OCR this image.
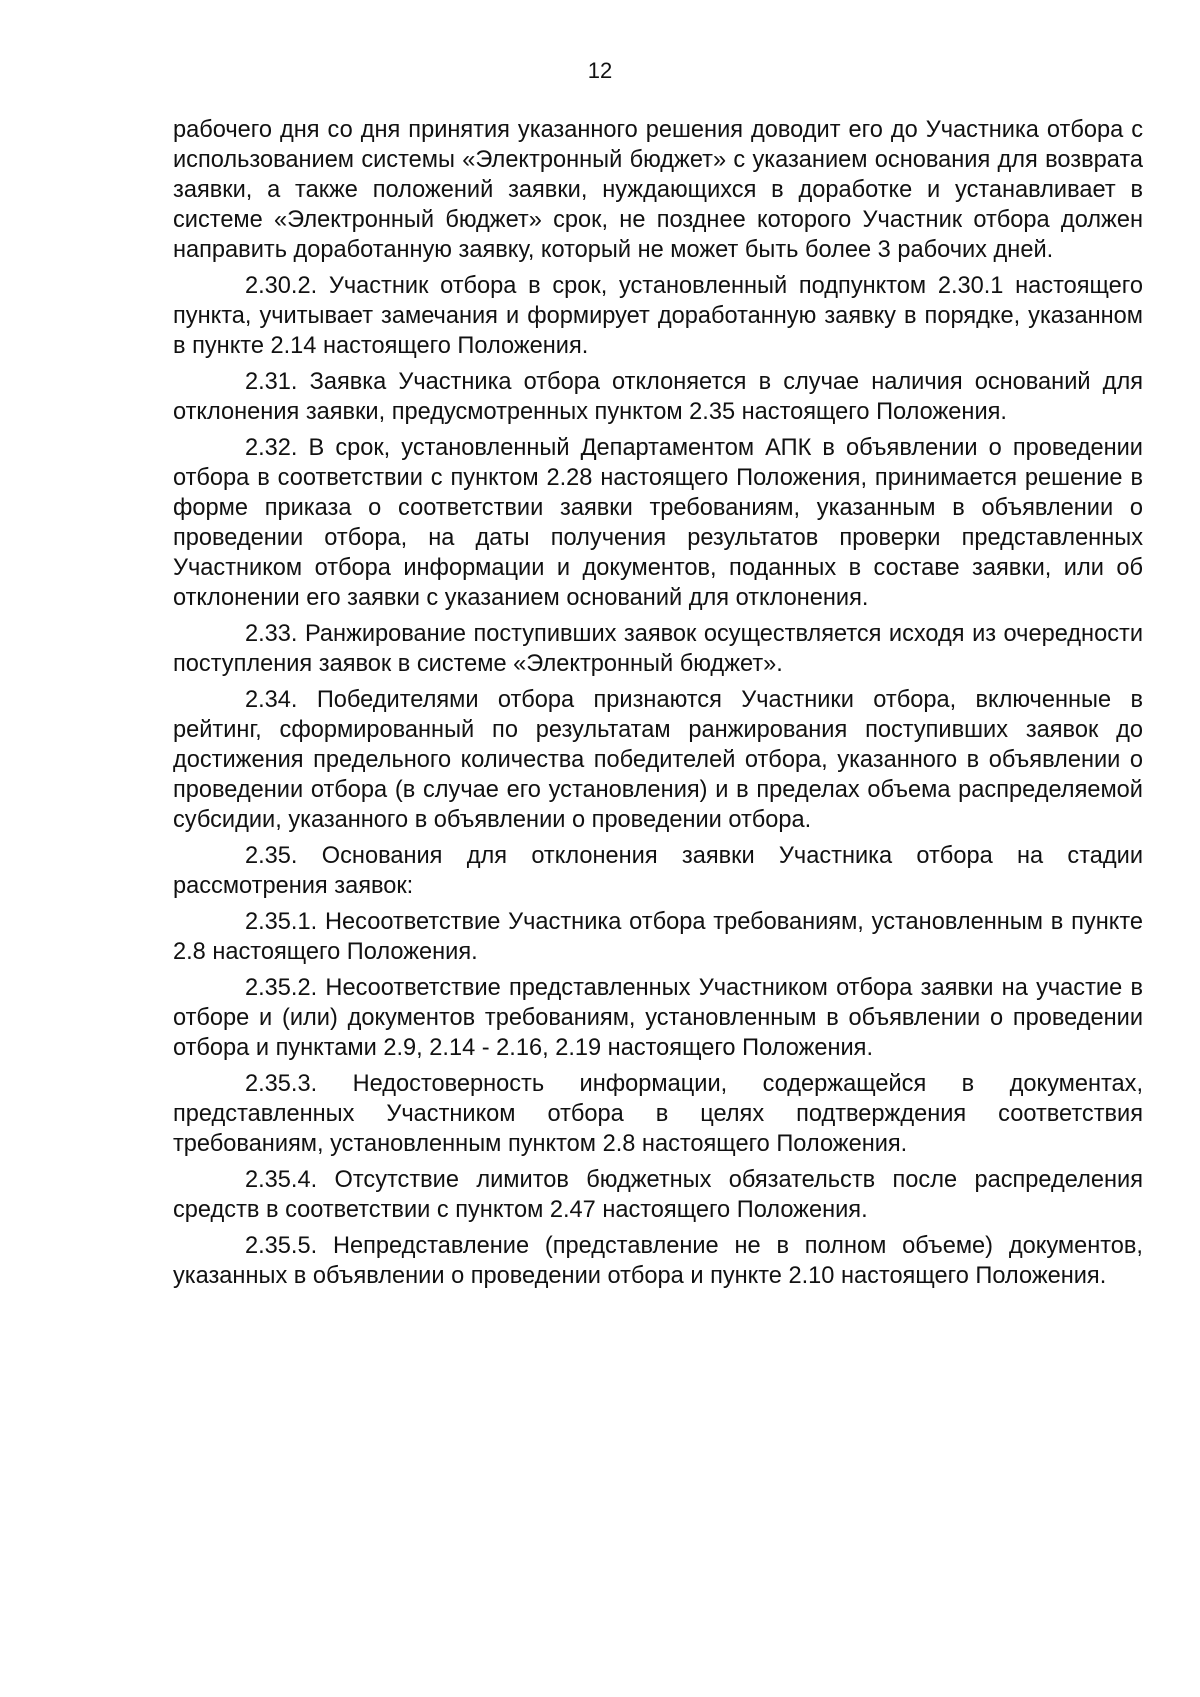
12

рабочего дня со дня принятия указанного решения доводит его до Участника отбора с использованием системы «Электронный бюджет» с указанием основания для возврата заявки, а также положений заявки, нуждающихся в доработке и устанавливает в системе «Электронный бюджет» срок, не позднее которого Участник отбора должен направить доработанную заявку, который не может быть более 3 рабочих дней.

2.30.2. Участник отбора в срок, установленный подпунктом 2.30.1 настоящего пункта, учитывает замечания и формирует доработанную заявку в порядке, указанном в пункте 2.14 настоящего Положения.

2.31. Заявка Участника отбора отклоняется в случае наличия оснований для отклонения заявки, предусмотренных пунктом 2.35 настоящего Положения.

2.32. В срок, установленный Департаментом АПК в объявлении о проведении отбора в соответствии с пунктом 2.28 настоящего Положения, принимается решение в форме приказа о соответствии заявки требованиям, указанным в объявлении о проведении отбора, на даты получения результатов проверки представленных Участником отбора информации и документов, поданных в составе заявки, или об отклонении его заявки с указанием оснований для отклонения.

2.33. Ранжирование поступивших заявок осуществляется исходя из очередности поступления заявок в системе «Электронный бюджет».

2.34. Победителями отбора признаются Участники отбора, включенные в рейтинг, сформированный по результатам ранжирования поступивших заявок до достижения предельного количества победителей отбора, указанного в объявлении о проведении отбора (в случае его установления) и в пределах объема распределяемой субсидии, указанного в объявлении о проведении отбора.

2.35. Основания для отклонения заявки Участника отбора на стадии рассмотрения заявок:

2.35.1. Несоответствие Участника отбора требованиям, установленным в пункте 2.8 настоящего Положения.

2.35.2. Несоответствие представленных Участником отбора заявки на участие в отборе и (или) документов требованиям, установленным в объявлении о проведении отбора и пунктами 2.9, 2.14 - 2.16, 2.19 настоящего Положения.

2.35.3. Недостоверность информации, содержащейся в документах, представленных Участником отбора в целях подтверждения соответствия требованиям, установленным пунктом 2.8 настоящего Положения.

2.35.4. Отсутствие лимитов бюджетных обязательств после распределения средств в соответствии с пунктом 2.47 настоящего Положения.

2.35.5. Непредставление (представление не в полном объеме) документов, указанных в объявлении о проведении отбора и пункте 2.10 настоящего Положения.
